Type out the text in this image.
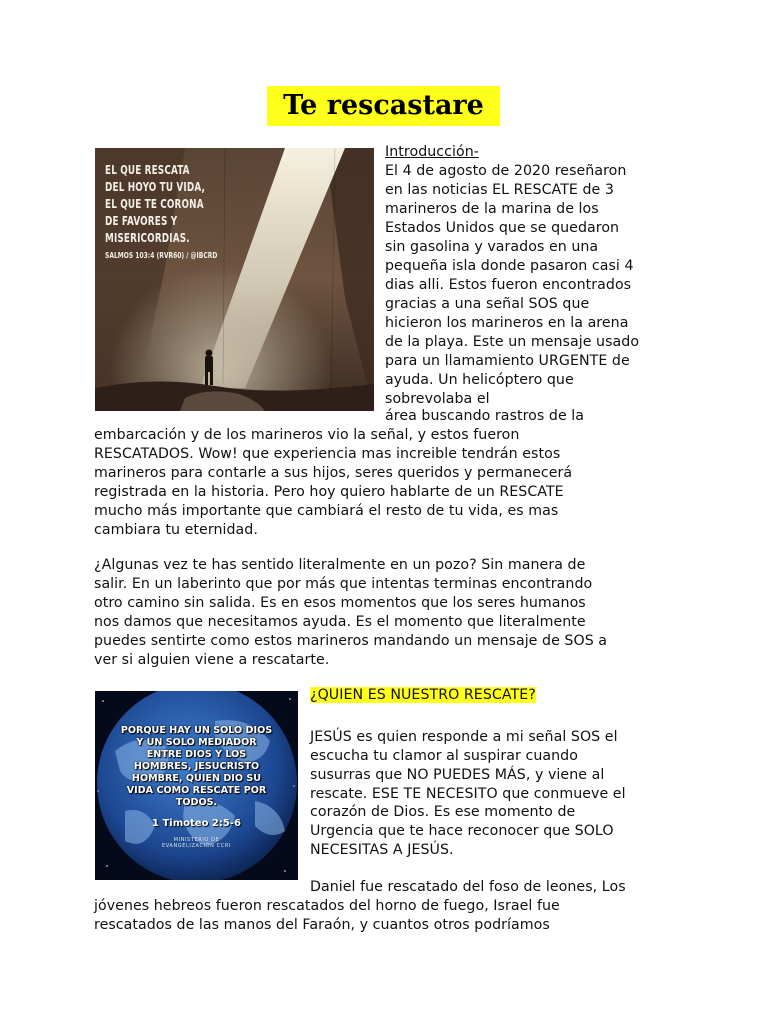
Te rescastare
EL QUE RESCATA
DEL HOYO TU VIDA,
EL QUE TE CORONA
DE FAVORES Y
MISERICORDIAS.
SALMOS 103:4 (RVR60) / @IBCRD
Introducción-
El 4 de agosto de 2020 reseñaron
en las noticias EL RESCATE de 3
marineros de la marina de los
Estados Unidos que se quedaron
sin gasolina y varados en una
pequeña isla donde pasaron casi 4
dias alli. Estos fueron encontrados
gracias a una señal SOS que
hicieron los marineros en la arena
de la playa. Este un mensaje usado
para un llamamiento URGENTE de
ayuda. Un helicóptero que
sobrevolaba el
área buscando rastros de la
embarcación y de los marineros vio la señal, y estos fueron
RESCATADOS. Wow! que experiencia mas increible tendrán estos
marineros para contarle a sus hijos, seres queridos y permanecerá
registrada en la historia. Pero hoy quiero hablarte de un RESCATE
mucho más importante que cambiará el resto de tu vida, es mas
cambiara tu eternidad.
¿Algunas vez te has sentido literalmente en un pozo? Sin manera de
salir. En un laberinto que por más que intentas terminas encontrando
otro camino sin salida. Es en esos momentos que los seres humanos
nos damos que necesitamos ayuda. Es el momento que literalmente
puedes sentirte como estos marineros mandando un mensaje de SOS a
ver si alguien viene a rescatarte.
PORQUE HAY UN SOLO DIOS
Y UN SOLO MEDIADOR
ENTRE DIOS Y LOS
HOMBRES, JESUCRISTO
HOMBRE, QUIEN DIO SU
VIDA COMO RESCATE POR
TODOS.
1 Timoteo 2:5-6
MINISTERIO DE
EVANGELIZACIÓN CCRI
¿QUIEN ES NUESTRO RESCATE?
JESÚS es quien responde a mi señal SOS el
escucha tu clamor al suspirar cuando
susurras que NO PUEDES MÁS, y viene al
rescate. ESE TE NECESITO que conmueve el
corazón de Dios. Es ese momento de
Urgencia que te hace reconocer que SOLO
NECESITAS A JESÚS.
Daniel fue rescatado del foso de leones, Los
jóvenes hebreos fueron rescatados del horno de fuego, Israel fue
rescatados de las manos del Faraón, y cuantos otros podríamos
